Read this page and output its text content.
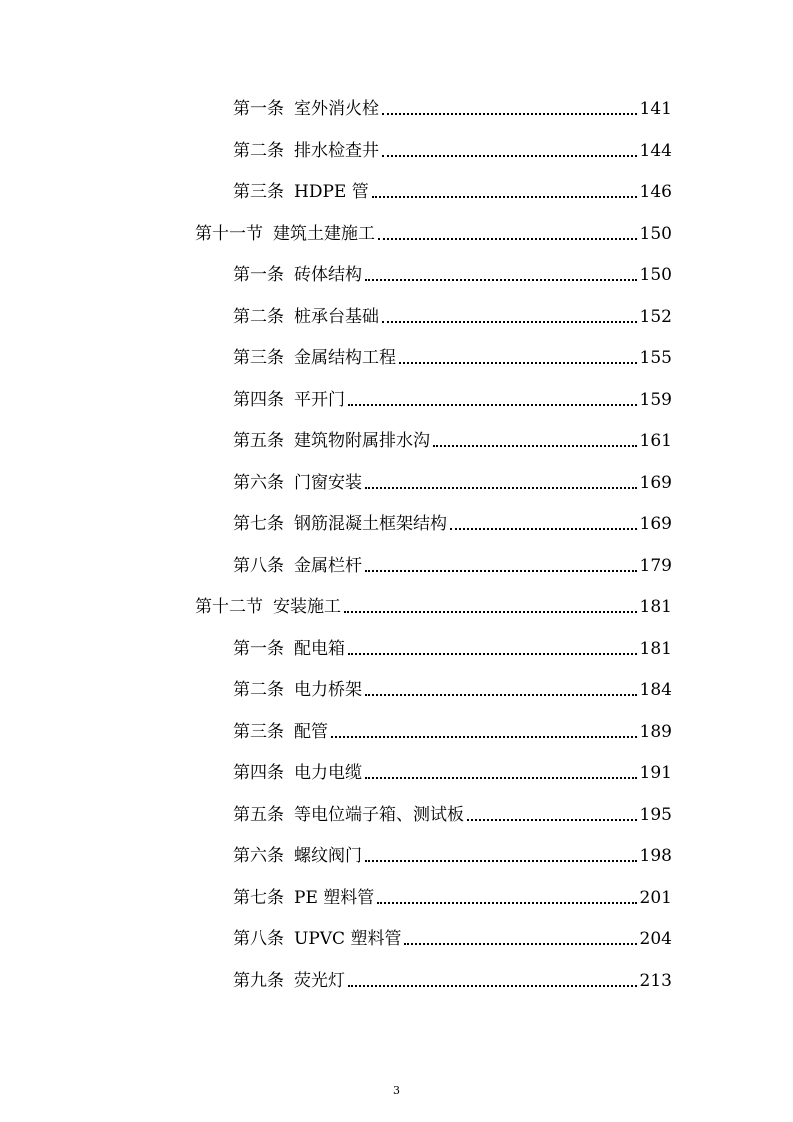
第一条 室外消火栓	141
第二条 排水检查井	144
第三条 HDPE 管	146
第十一节 建筑土建施工	150
第一条 砖体结构	150
第二条 桩承台基础	152
第三条 金属结构工程	155
第四条 平开门	159
第五条 建筑物附属排水沟	161
第六条 门窗安装	169
第七条 钢筋混凝土框架结构	169
第八条 金属栏杆	179
第十二节 安装施工	181
第一条 配电箱	181
第二条 电力桥架	184
第三条 配管	189
第四条 电力电缆	191
第五条 等电位端子箱、测试板	195
第六条 螺纹阀门	198
第七条 PE 塑料管	201
第八条 UPVC 塑料管	204
第九条 荧光灯	213
3
